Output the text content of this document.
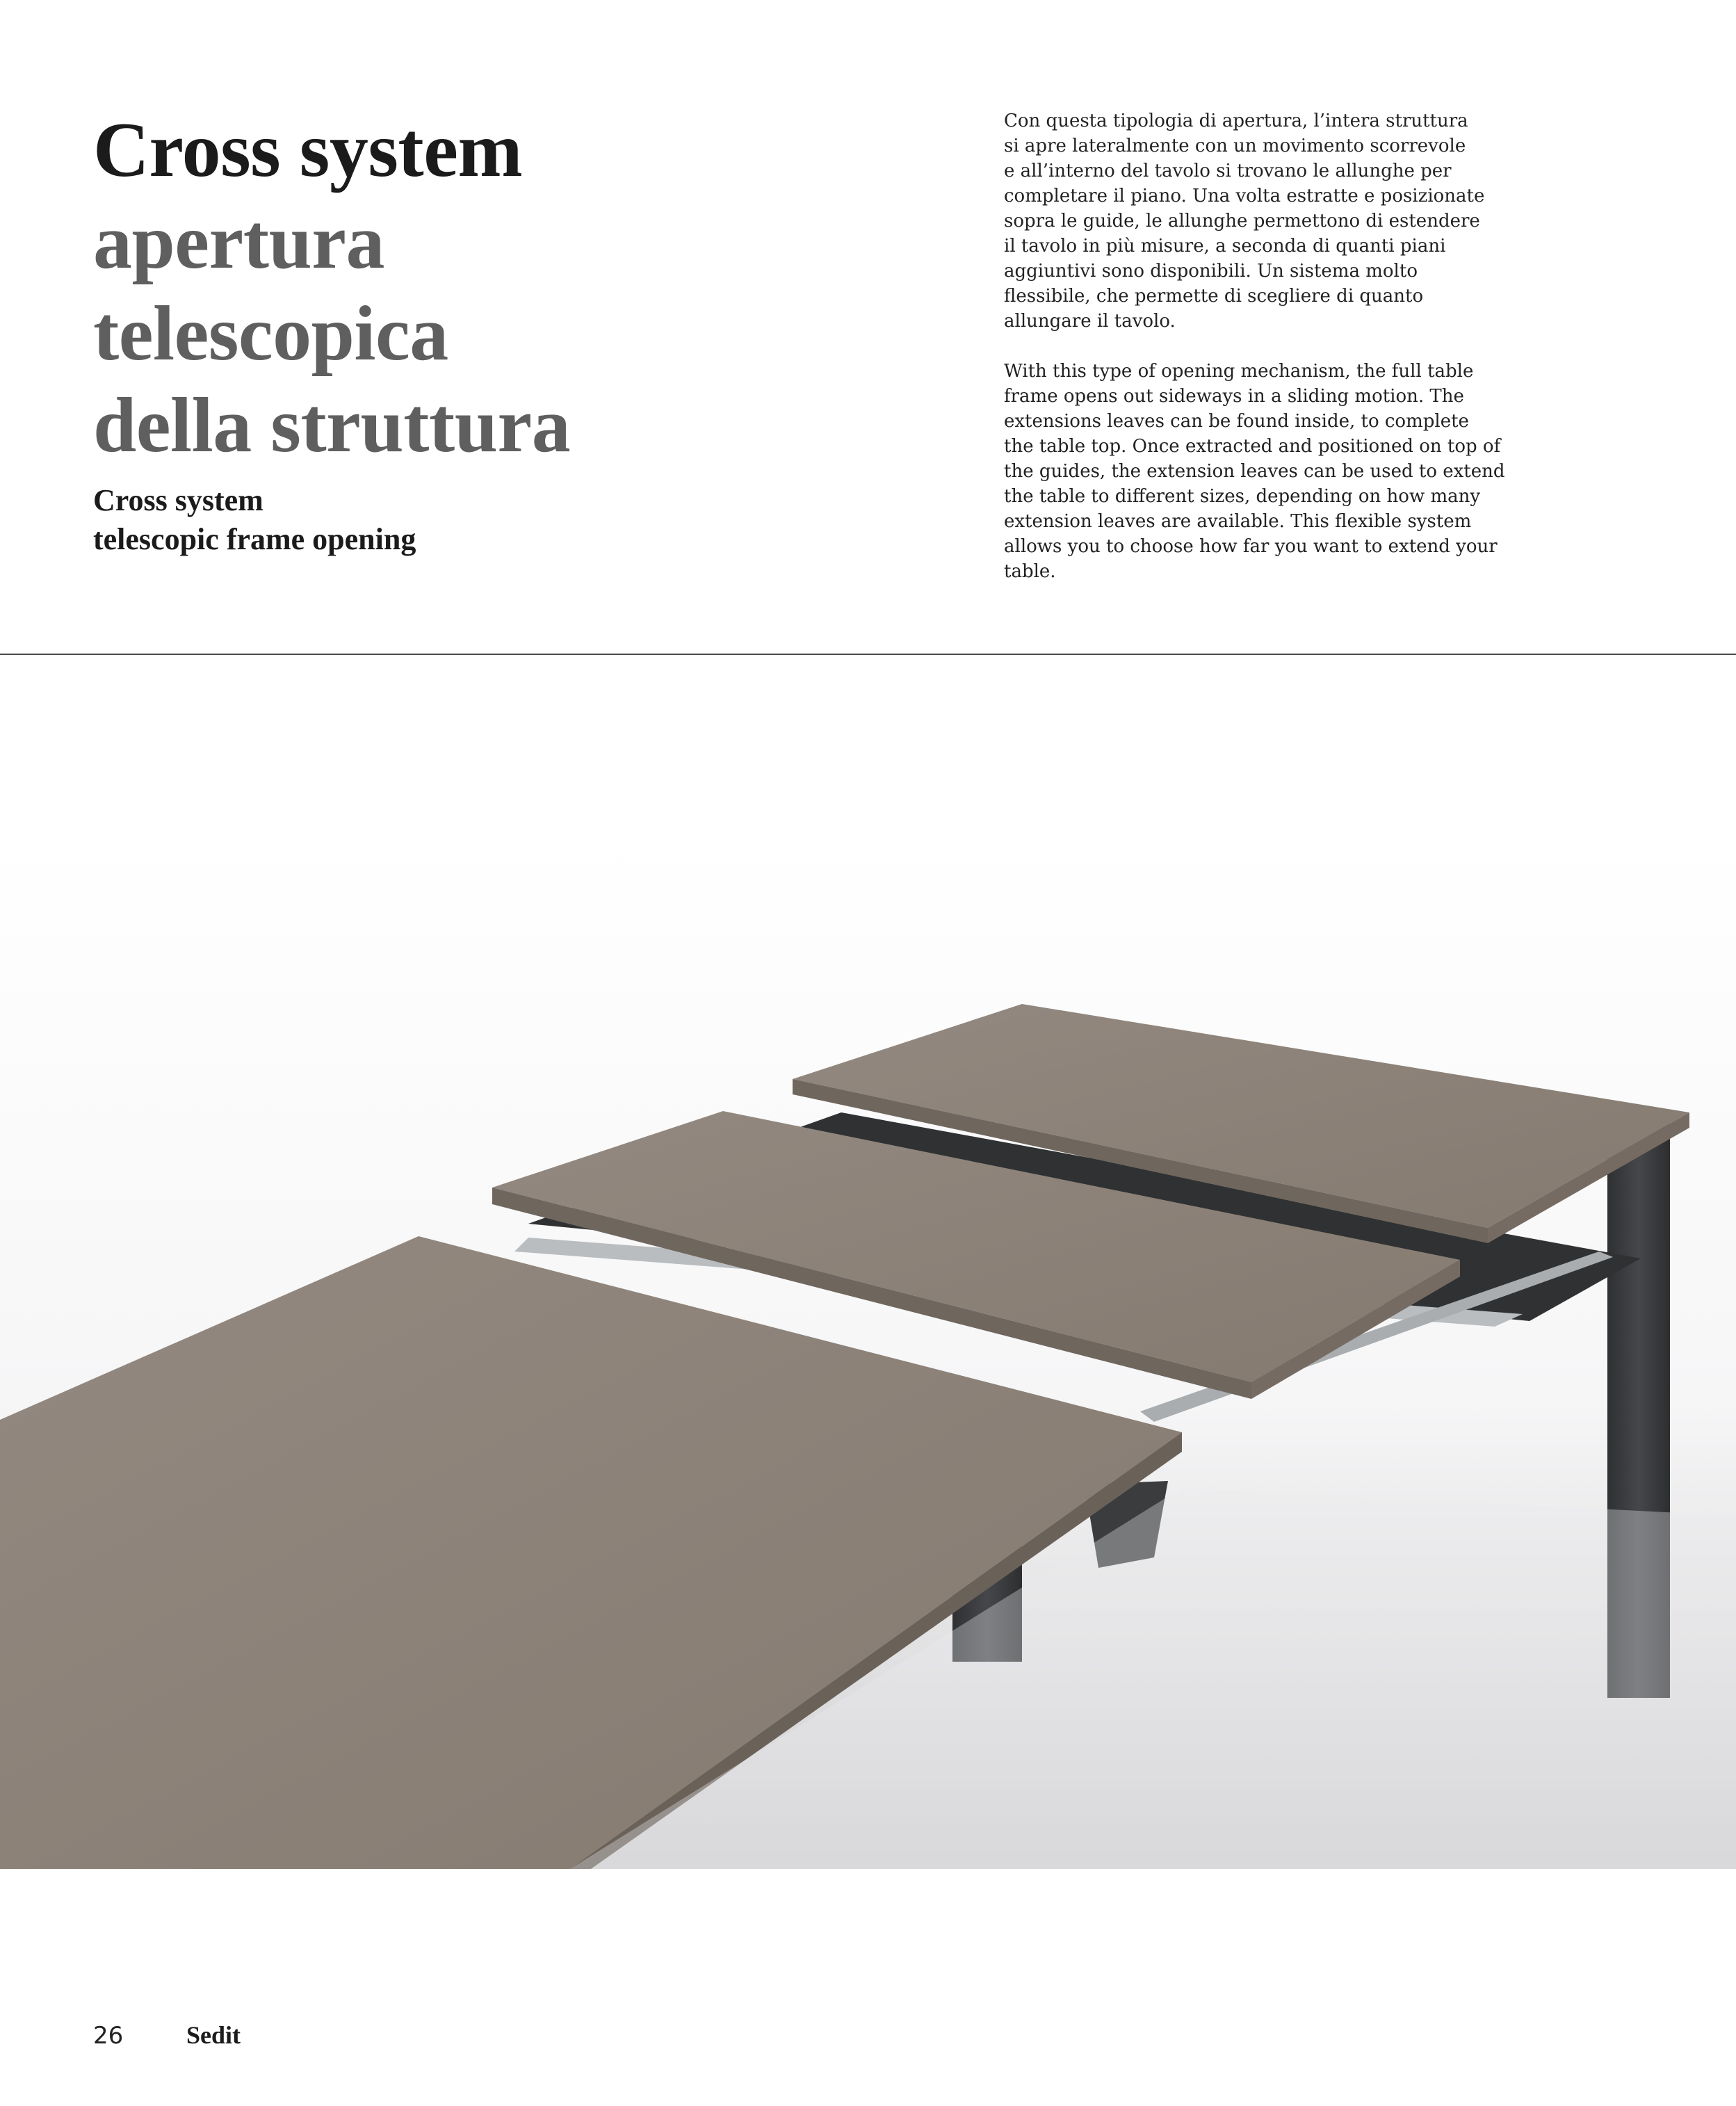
Cross system
apertura
telescopica
della struttura
Cross system
telescopic frame opening
Con questa tipologia di apertura, l’intera struttura
si apre lateralmente con un movimento scorrevole
e all’interno del tavolo si trovano le allunghe per
completare il piano. Una volta estratte e posizionate
sopra le guide, le allunghe permettono di estendere
il tavolo in più misure, a seconda di quanti piani
aggiuntivi sono disponibili. Un sistema molto
flessibile, che permette di scegliere di quanto
allungare il tavolo.
With this type of opening mechanism, the full table
frame opens out sideways in a sliding motion. The
extensions leaves can be found inside, to complete
the table top. Once extracted and positioned on top of
the guides, the extension leaves can be used to extend
the table to different sizes, depending on how many
extension leaves are available. This flexible system
allows you to choose how far you want to extend your
table.
26	Sedit
